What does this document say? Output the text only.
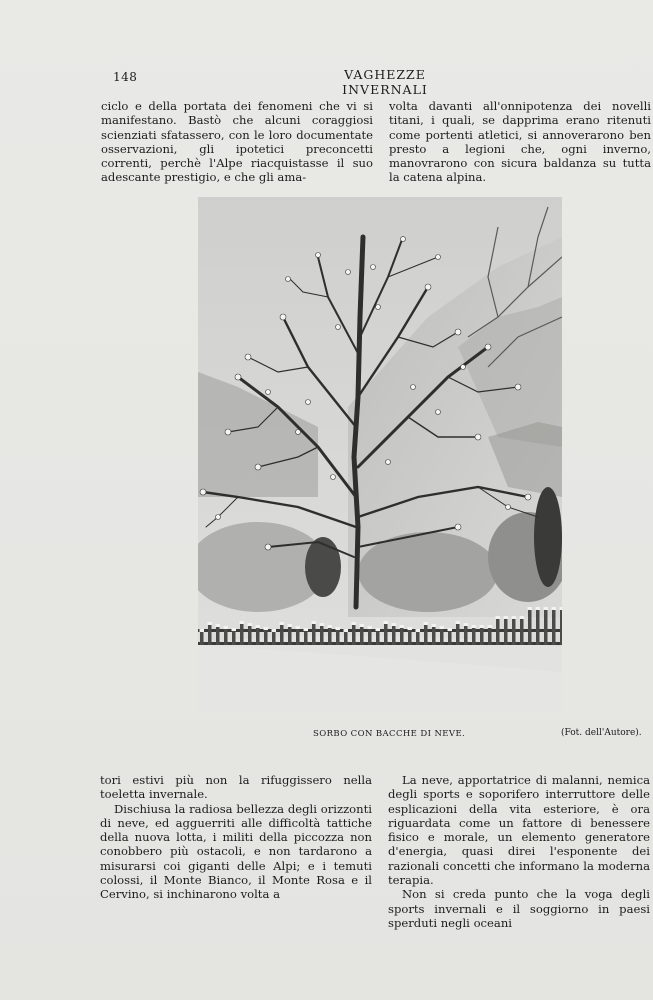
148	VAGHEZZE INVERNALI

ciclo e della portata dei fenomeni che vi si manifestano. Bastò che alcuni coraggiosi scienziati sfatassero, con le loro documentate osservazioni, gli ipotetici preconcetti correnti, perchè l'Alpe riacquistasse il suo adescante prestigio, e che gli ama-

volta davanti all'onnipotenza dei novelli titani, i quali, se dapprima erano ritenuti come portenti atletici, si annoverarono ben presto a legioni che, ogni inverno, manovrarono con sicura baldanza su tutta la catena alpina.

SORBO CON BACCHE DI NEVE.	(Fot. dell'Autore).

tori estivi più non la rifuggissero nella toeletta invernale.

Dischiusa la radiosa bellezza degli orizzonti di neve, ed agguerriti alle difficoltà tattiche della nuova lotta, i militi della piccozza non conobbero più ostacoli, e non tardarono a misurarsi coi giganti delle Alpi; e i temuti colossi, il Monte Bianco, il Monte Rosa e il Cervino, si inchinarono volta a

La neve, apportatrice di malanni, nemica degli sports e soporifero interruttore delle esplicazioni della vita esteriore, è ora riguardata come un fattore di benessere fisico e morale, un elemento generatore d'energia, quasi direi l'esponente dei razionali concetti che informano la moderna terapia.

Non si creda punto che la voga degli sports invernali e il soggiorno in paesi sperduti negli oceani
